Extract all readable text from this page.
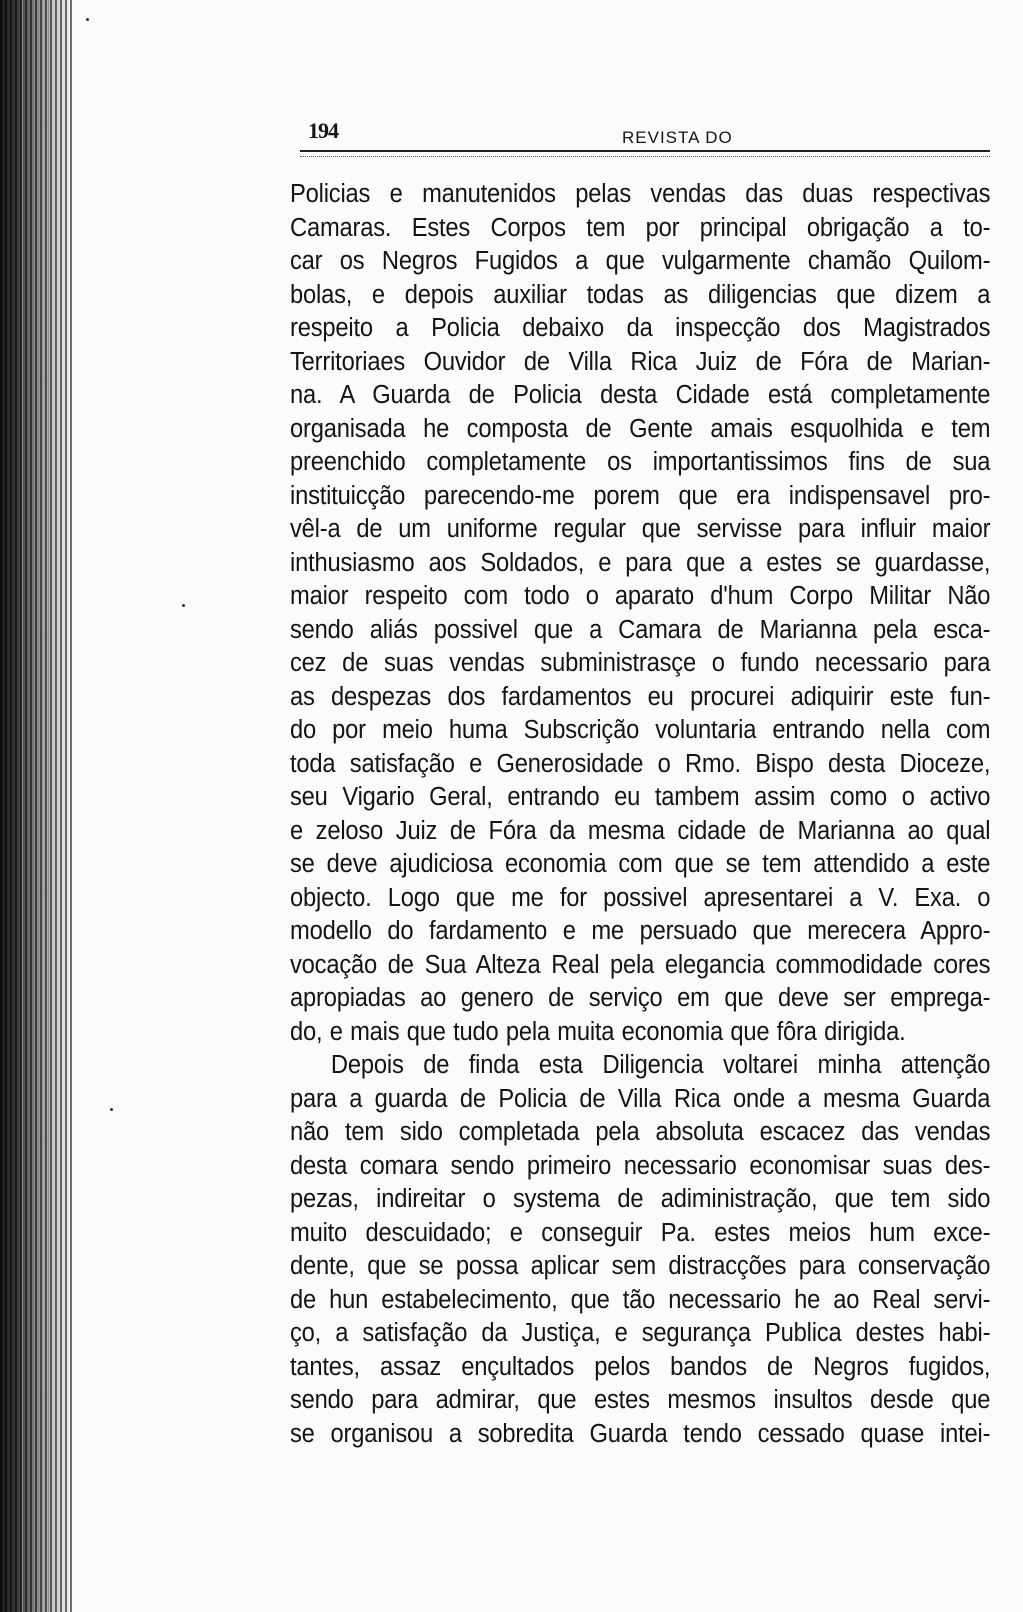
194	REVISTA DO
Policias e manutenidos pelas vendas das duas respectivas
Camaras. Estes Corpos tem por principal obrigação a to-
car os Negros Fugidos a que vulgarmente chamão Quilom-
bolas, e depois auxiliar todas as diligencias que dizem a
respeito a Policia debaixo da inspecção dos Magistrados
Territoriaes Ouvidor de Villa Rica Juiz de Fóra de Marian-
na. A Guarda de Policia desta Cidade está completamente
organisada he composta de Gente amais esquolhida e tem
preenchido completamente os importantissimos fins de sua
instituicção parecendo-me porem que era indispensavel pro-
vêl-a de um uniforme regular que servisse para influir maior
inthusiasmo aos Soldados, e para que a estes se guardasse,
maior respeito com todo o aparato d'hum Corpo Militar Não
sendo aliás possivel que a Camara de Marianna pela esca-
cez de suas vendas subministrasçe o fundo necessario para
as despezas dos fardamentos eu procurei adiquirir este fun-
do por meio huma Subscrição voluntaria entrando nella com
toda satisfação e Generosidade o Rmo. Bispo desta Dioceze,
seu Vigario Geral, entrando eu tambem assim como o activo
e zeloso Juiz de Fóra da mesma cidade de Marianna ao qual
se deve ajudiciosa economia com que se tem attendido a este
objecto. Logo que me for possivel apresentarei a V. Exa. o
modello do fardamento e me persuado que merecera Appro-
vocação de Sua Alteza Real pela elegancia commodidade cores
apropiadas ao genero de serviço em que deve ser emprega-
do, e mais que tudo pela muita economia que fôra dirigida.
Depois de finda esta Diligencia voltarei minha attenção
para a guarda de Policia de Villa Rica onde a mesma Guarda
não tem sido completada pela absoluta escacez das vendas
desta comara sendo primeiro necessario economisar suas des-
pezas, indireitar o systema de adiministração, que tem sido
muito descuidado; e conseguir Pa. estes meios hum exce-
dente, que se possa aplicar sem distracções para conservação
de hun estabelecimento, que tão necessario he ao Real servi-
ço, a satisfação da Justiça, e segurança Publica destes habi-
tantes, assaz ençultados pelos bandos de Negros fugidos,
sendo para admirar, que estes mesmos insultos desde que
se organisou a sobredita Guarda tendo cessado quase intei-
